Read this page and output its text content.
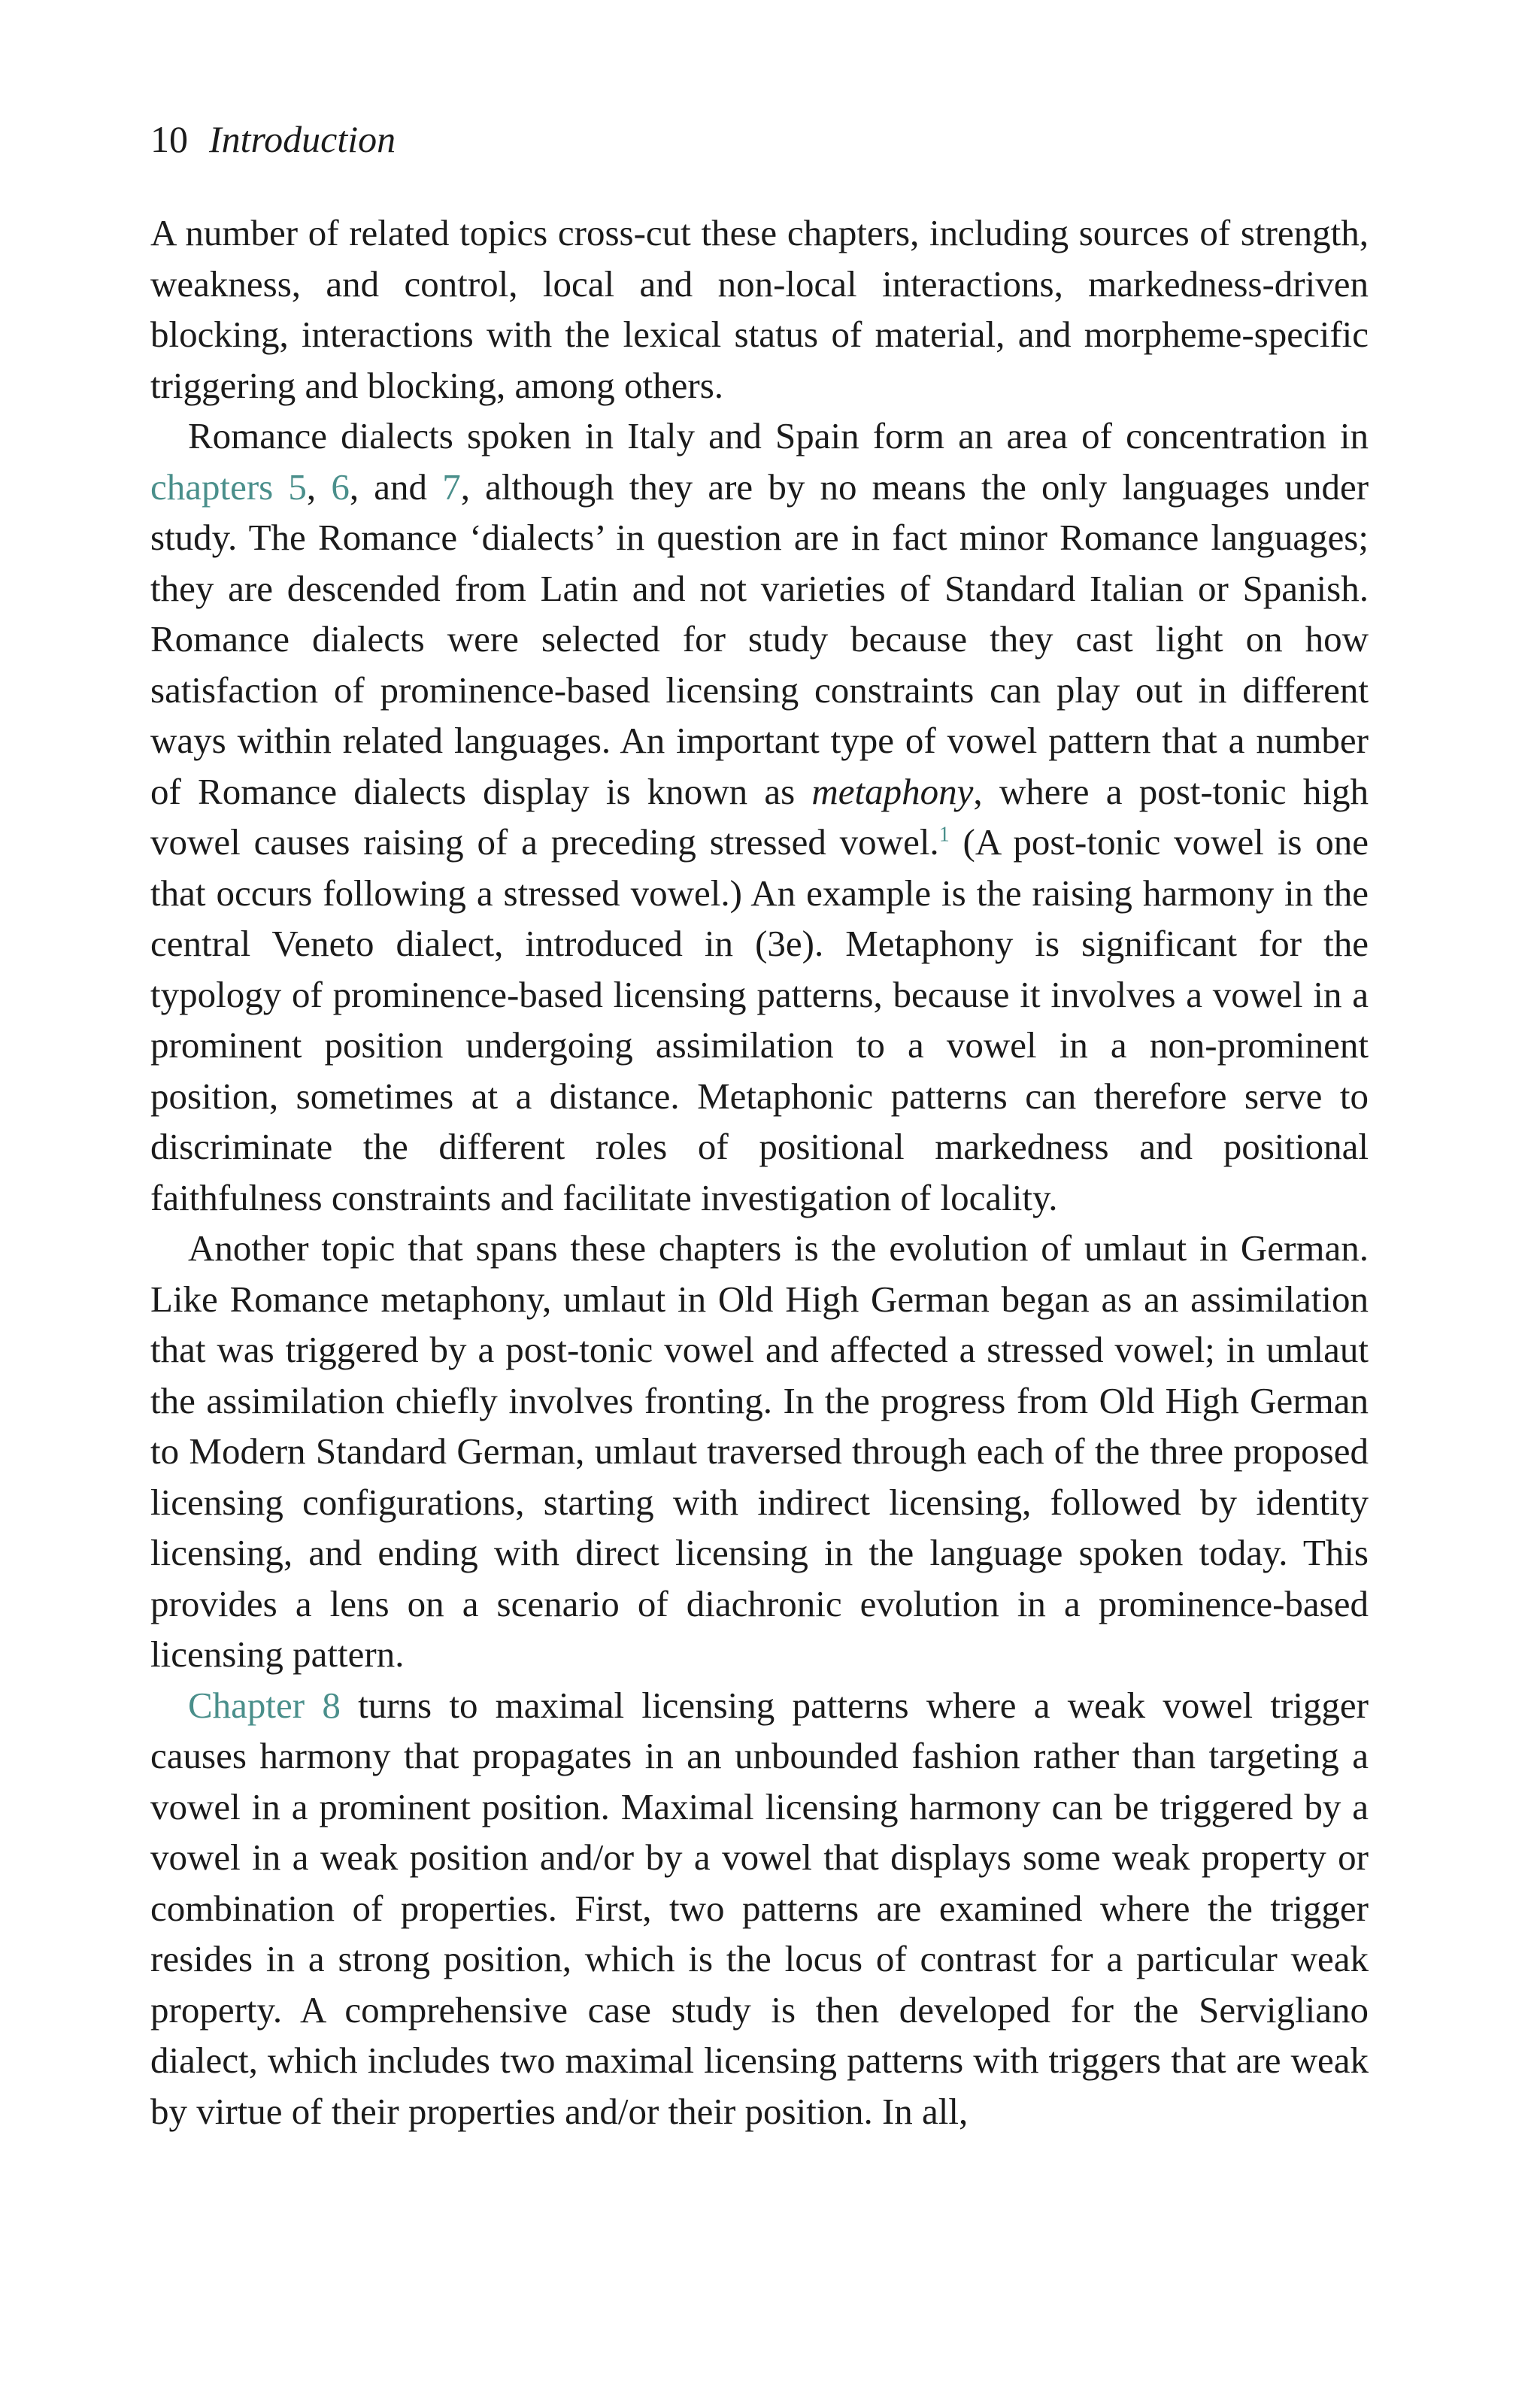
10 Introduction

A number of related topics cross-cut these chapters, including sources of strength, weakness, and control, local and non-local interactions, markedness-driven blocking, interactions with the lexical status of material, and morpheme-specific triggering and blocking, among others.

Romance dialects spoken in Italy and Spain form an area of concentration in chapters 5, 6, and 7, although they are by no means the only languages under study. The Romance ‘dialects’ in question are in fact minor Romance languages; they are descended from Latin and not varieties of Standard Italian or Spanish. Romance dialects were selected for study because they cast light on how satisfaction of prominence-based licensing constraints can play out in different ways within related languages. An important type of vowel pattern that a number of Romance dialects display is known as metaphony, where a post-tonic high vowel causes raising of a preceding stressed vowel.$^1$ (A post-tonic vowel is one that occurs following a stressed vowel.) An example is the raising harmony in the central Veneto dialect, introduced in (3e). Metaphony is significant for the typology of prominence-based licensing patterns, because it involves a vowel in a prominent position undergoing assimilation to a vowel in a non-prominent position, sometimes at a distance. Metaphonic patterns can therefore serve to discriminate the different roles of positional markedness and positional faithfulness constraints and facilitate investigation of locality.

Another topic that spans these chapters is the evolution of umlaut in German. Like Romance metaphony, umlaut in Old High German began as an assimilation that was triggered by a post-tonic vowel and affected a stressed vowel; in umlaut the assimilation chiefly involves fronting. In the progress from Old High German to Modern Standard German, umlaut traversed through each of the three proposed licensing configurations, starting with indirect licensing, followed by identity licensing, and ending with direct licensing in the language spoken today. This provides a lens on a scenario of diachronic evolution in a prominence-based licensing pattern.

Chapter 8 turns to maximal licensing patterns where a weak vowel trigger causes harmony that propagates in an unbounded fashion rather than targeting a vowel in a prominent position. Maximal licensing harmony can be triggered by a vowel in a weak position and/or by a vowel that displays some weak property or combination of properties. First, two patterns are examined where the trigger resides in a strong position, which is the locus of contrast for a particular weak property. A comprehensive case study is then developed for the Servigliano dialect, which includes two maximal licensing patterns with triggers that are weak by virtue of their properties and/or their position. In all,
